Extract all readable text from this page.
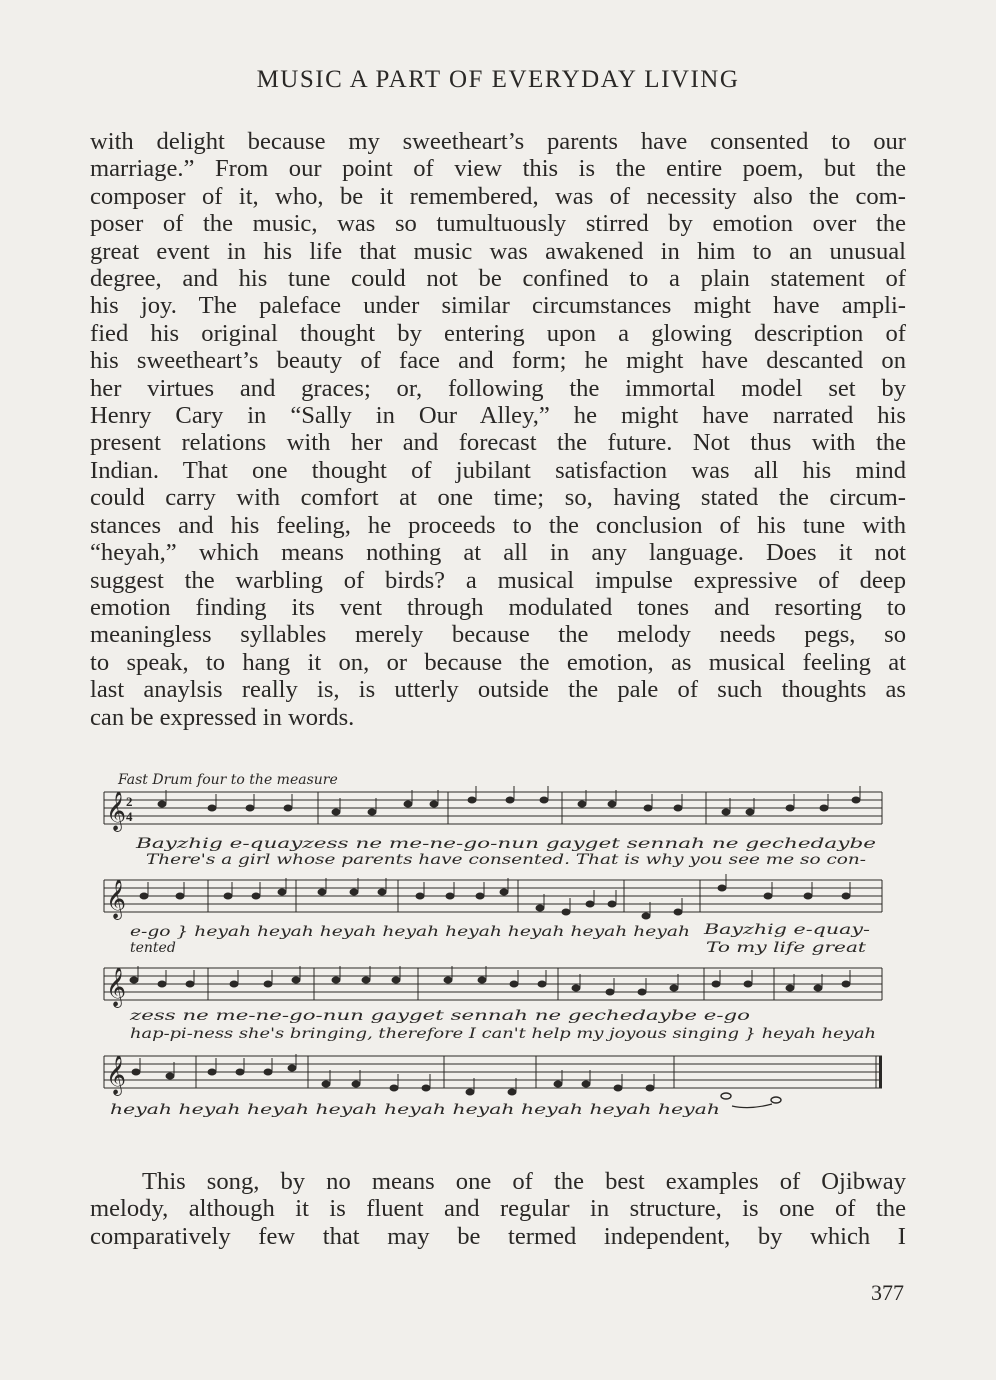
MUSIC A PART OF EVERYDAY LIVING
with delight because my sweetheart’s parents have consented to our
marriage.” From our point of view this is the entire poem, but the
composer of it, who, be it remembered, was of necessity also the com-
poser of the music, was so tumultuously stirred by emotion over the
great event in his life that music was awakened in him to an unusual
degree, and his tune could not be confined to a plain statement of
his joy. The paleface under similar circumstances might have ampli-
fied his original thought by entering upon a glowing description of
his sweetheart’s beauty of face and form; he might have descanted on
her virtues and graces; or, following the immortal model set by
Henry Cary in “Sally in Our Alley,” he might have narrated his
present relations with her and forecast the future. Not thus with the
Indian. That one thought of jubilant satisfaction was all his mind
could carry with comfort at one time; so, having stated the circum-
stances and his feeling, he proceeds to the conclusion of his tune with
“heyah,” which means nothing at all in any language. Does it not
suggest the warbling of birds? a musical impulse expressive of deep
emotion finding its vent through modulated tones and resorting to
meaningless syllables merely because the melody needs pegs, so
to speak, to hang it on, or because the emotion, as musical feeling at
last anaylsis really is, is utterly outside the pale of such thoughts as
can be expressed in words.
Fast Drum four to the measure
𝄞 2
4
Bayzhig e-quayzess ne me-ne-go-nun gayget sennah ne gechedaybe
There's a girl whose parents have consented. That is why you see me so con-
𝄞
e-go } heyah heyah heyah heyah heyah heyah heyah heyah
tented
Bayzhig e-quay-
To my life great
𝄞
zess ne me-ne-go-nun gayget sennah ne gechedaybe e-go
hap-pi-ness she's bringing, therefore I can't help my joyous singing } heyah heyah
𝄞
heyah heyah heyah heyah heyah heyah heyah heyah heyah
This song, by no means one of the best examples of Ojibway
melody, although it is fluent and regular in structure, is one of the
comparatively few that may be termed independent, by which I
377
